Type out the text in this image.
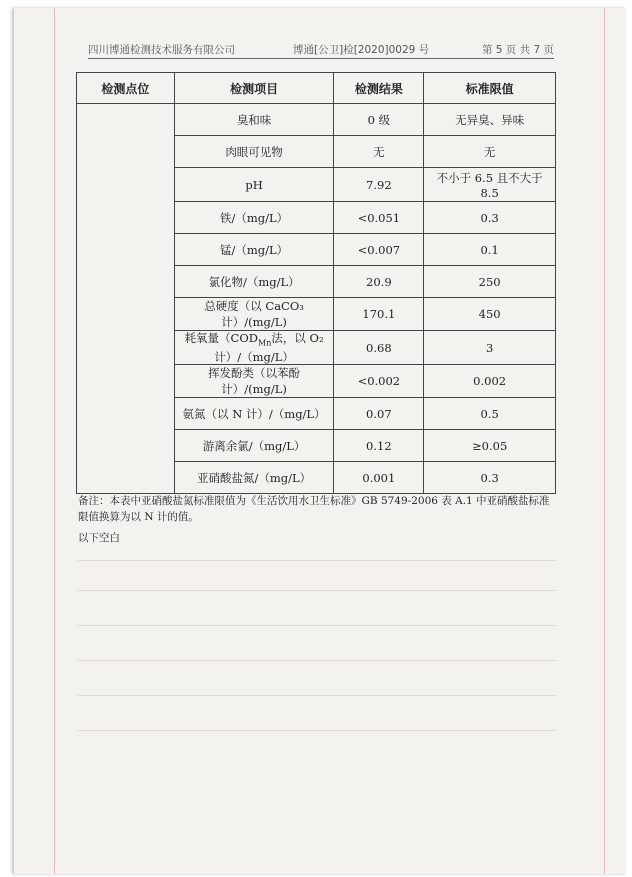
四川博通检测技术服务有限公司	博通[公卫]检[2020]0029 号	第 5 页 共 7 页
检测点位	检测项目	检测结果	标准限值
	臭和味	0 级	无异臭、异味
	肉眼可见物	无	无
	pH	7.92	不小于 6.5 且不大于 8.5
	铁/（mg/L）	<0.051	0.3
	锰/（mg/L）	<0.007	0.1
	氯化物/（mg/L）	20.9	250
	总硬度（以 CaCO₃ 计）/(mg/L)	170.1	450
	耗氧量（$COD_{Mn}$法，以 O₂ 计）/（mg/L）	0.68	3
	挥发酚类（以苯酚计）/(mg/L)	<0.002	0.002
	氨氮（以 N 计）/（mg/L）	0.07	0.5
	游离余氯/（mg/L）	0.12	≥0.05
	亚硝酸盐氮/（mg/L）	0.001	0.3
备注：本表中亚硝酸盐氮标准限值为《生活饮用水卫生标准》GB 5749-2006 表 A.1 中亚硝酸盐标准限值换算为以 N 计的值。
以下空白
